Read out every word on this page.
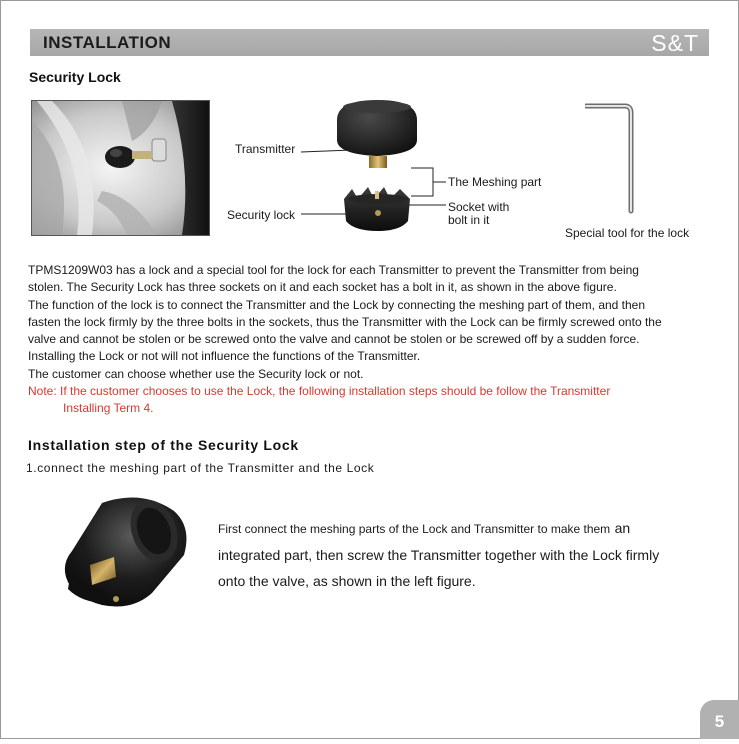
INSTALLATION	S&T
Security Lock
Transmitter
Security lock
The Meshing part
Socket with
bolt in it
Special tool for the lock

TPMS1209W03 has a lock and a special tool for the lock for each Transmitter to prevent the Transmitter from being

stolen. The Security Lock has three sockets on it and each socket has a bolt in it, as shown in the above figure.

The function of the lock is to connect the Transmitter and the Lock by connecting the meshing part of them, and then

fasten the lock firmly by the three bolts in the sockets, thus the Transmitter with the Lock can be firmly screwed onto the

valve and cannot be stolen or be screwed onto the valve and cannot be stolen or be screwed off by a sudden force.

Installing the Lock or not will not influence the functions of the Transmitter.

The customer can choose whether use the Security lock or not.

Note: If the customer chooses to use the Lock, the following installation steps should be follow the Transmitter

Installing Term 4.

Installation step of the Security Lock
1.connect the meshing part of the Transmitter and the Lock
First connect the meshing parts of the Lock and Transmitter to make them an
integrated part, then screw the Transmitter together with the Lock firmly
onto the valve, as shown in the left figure.
5
